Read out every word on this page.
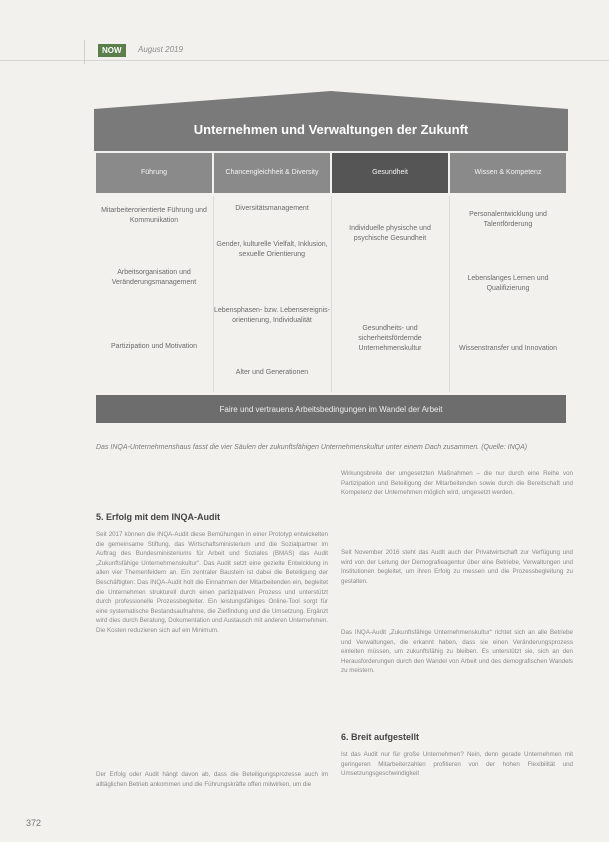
NOW	August 2019
Unternehmen und Verwaltungen der Zukunft
Führung	Chancengleichheit & Diversity	Gesundheit	Wissen & Kompetenz
Mitarbeiterorientierte Führung und Kommunikation
Arbeitsorganisation und Veränderungsmanagement
Partizipation und Motivation
Diversitätsmanagement
Gender, kulturelle Vielfalt, Inklusion, sexuelle Orientierung
Lebensphasen- bzw. Lebensereignis-orientierung, Individualität
Alter und Generationen
Individuelle physische und psychische Gesundheit
Gesundheits- und sicherheitsfördernde Unternehmenskultur
Personalentwicklung und Talentförderung
Lebenslanges Lernen und Qualifizierung
Wissenstransfer und Innovation
Faire und vertrauens Arbeitsbedingungen im Wandel der Arbeit
Das INQA-Unternehmenshaus fasst die vier Säulen der zukunftsfähigen Unternehmenskultur unter einem Dach zusammen. (Quelle: INQA)
5. Erfolg mit dem INQA-Audit
Seit 2017 können die INQA-Audit diese Bemühungen in einer Prototyp entwickelten die gemeinsame Stiftung, das Wirtschaftsministerium und die Sozialpartner im Auftrag des Bundesministeriums für Arbeit und Soziales (BMAS) das Audit „Zukunftsfähige Unternehmenskultur“. Das Audit setzt eine gezielte Entwicklung in allen vier Themenfeldern an. Ein zentraler Baustein ist dabei die Beteiligung der Beschäftigten: Das INQA-Audit holt die Einnahmen der Mitarbeitenden ein, begleitet die Unternehmen strukturell durch einen partizipativen Prozess und unterstützt durch professionelle Prozessbegleiter. Ein leistungsfähiges Online-Tool sorgt für eine systematische Bestandsaufnahme, die Zielfindung und die Umsetzung. Ergänzt wird dies durch Beratung, Dokumentation und Austausch mit anderen Unternehmen. Die Kosten reduzieren sich auf ein Minimum.
Der Erfolg oder Audit hängt davon ab, dass die Beteiligungsprozesse auch im alltäglichen Betrieb ankommen und die Führungskräfte offen mitwirken, um die
Wirkungsbreite der umgesetzten Maßnahmen – die nur durch eine Reihe von Partizipation und Beteiligung der Mitarbeitenden sowie durch die Bereitschaft und Kompetenz der Unternehmen möglich wird, umgesetzt werden.
Seit November 2016 steht das Audit auch der Privatwirtschaft zur Verfügung und wird von der Leitung der Demografieagentur über eine Betriebe, Verwaltungen und Institutionen begleitet, um ihren Erfolg zu messen und die Prozessbegleitung zu gestalten.
Das INQA-Audit „Zukunftsfähige Unternehmenskultur“ richtet sich an alle Betriebe und Verwaltungen, die erkannt haben, dass sie einen Veränderungsprozess einleiten müssen, um zukunftsfähig zu bleiben. Es unterstützt sie, sich an den Herausforderungen durch den Wandel von Arbeit und des demografischen Wandels zu meistern.
6. Breit aufgestellt
Ist das Audit nur für große Unternehmen? Nein, denn gerade Unternehmen mit geringeren Mitarbeiterzahlen profitieren von der hohen Flexibilität und Umsetzungsgeschwindigkeit
372
